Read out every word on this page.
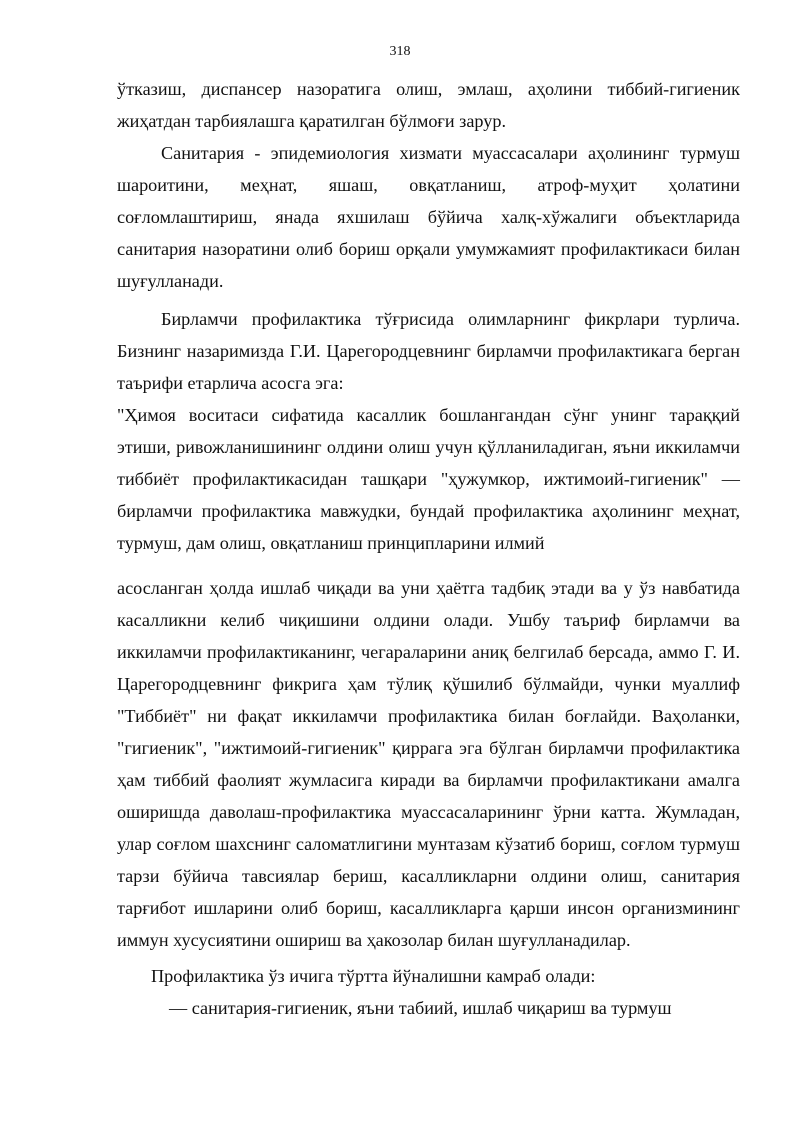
318

ўтказиш, диспансер назоратига олиш, эмлаш, аҳолини тиббий-гигиеник жиҳатдан тарбиялашга қаратилган бўлмоғи зарур.

Санитария - эпидемиология хизмати муассасалари аҳолининг турмуш шароитини, меҳнат, яшаш, овқатланиш, атроф-муҳит ҳолатини соғломлаштириш, янада яхшилаш бўйича халқ-хўжалиги объектларида санитария назоратини олиб бориш орқали умумжамият профилактикаси билан шуғулланади.

Бирламчи профилактика тўғрисида олимларнинг фикрлари турлича. Бизнинг назаримизда Г.И. Царегородцевнинг бирламчи профилактикага берган таърифи етарлича асосга эга:

"Ҳимоя воситаси сифатида касаллик бошлангандан сўнг унинг тараққий этиши, ривожланишининг олдини олиш учун қўлланиладиган, яъни иккиламчи тиббиёт профилактикасидан ташқари "ҳужумкор, ижтимоий-гигиеник" — бирламчи профилактика мавжудки, бундай профилактика аҳолининг меҳнат, турмуш, дам олиш, овқатланиш принципларини илмий

асосланган ҳолда ишлаб чиқади ва уни ҳаётга тадбиқ этади ва у ўз навбатида касалликни келиб чиқишини олдини олади. Ушбу таъриф бирламчи ва иккиламчи профилактиканинг, чегараларини аниқ белгилаб берсада, аммо Г. И. Царегородцевнинг фикрига ҳам тўлиқ қўшилиб бўлмайди, чунки муаллиф "Тиббиёт" ни фақат иккиламчи профилактика билан боғлайди. Ваҳоланки, "гигиеник", "ижтимоий-гигиеник" қиррага эга бўлган бирламчи профилактика ҳам тиббий фаолият жумласига киради ва бирламчи профилактикани амалга оширишда даволаш-профилактика муассасаларининг ўрни катта. Жумладан, улар соғлом шахснинг саломатлигини мунтазам кўзатиб бориш, соғлом турмуш тарзи бўйича тавсиялар бериш, касалликларни олдини олиш, санитария тарғибот ишларини олиб бориш, касалликларга қарши инсон организмининг иммун хусусиятини ошириш ва ҳакозолар билан шуғулланадилар.

Профилактика ўз ичига тўртта йўналишни камраб олади:

— санитария-гигиеник, яъни табиий, ишлаб чиқариш ва турмуш
